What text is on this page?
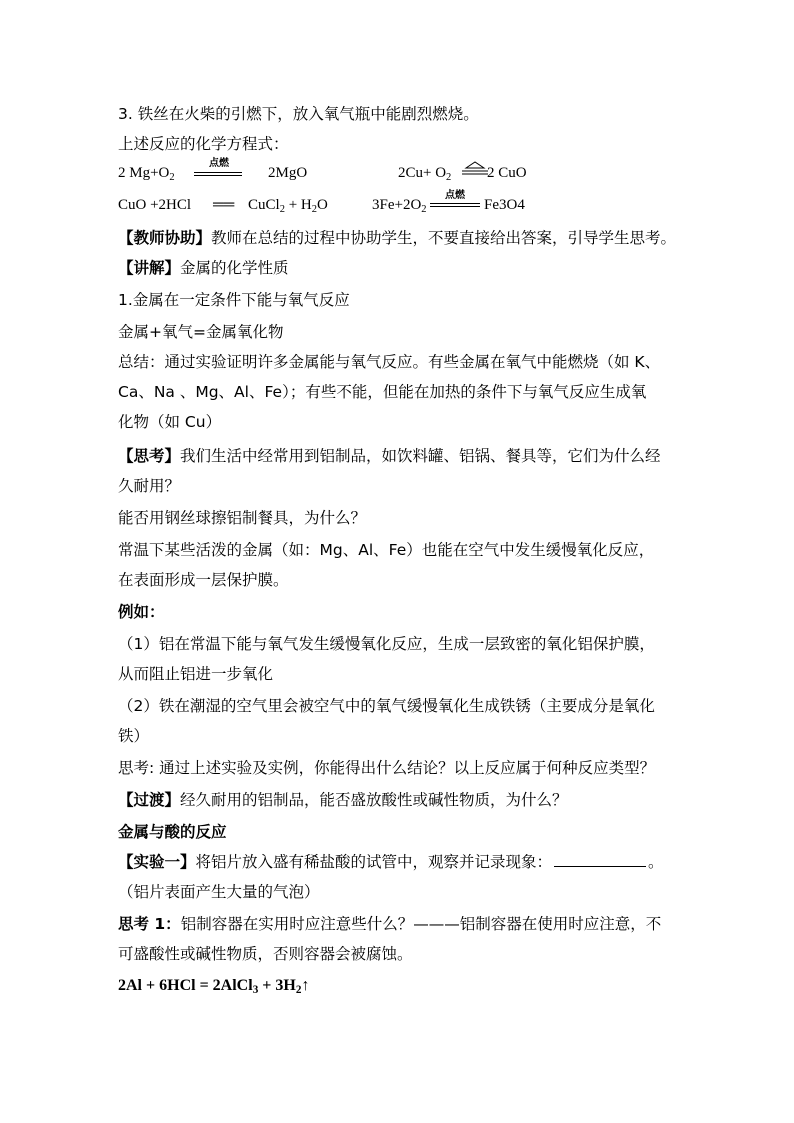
3. 铁丝在火柴的引燃下，放入氧气瓶中能剧烈燃烧。
上述反应的化学方程式：
2 $Mg+O_2$
点燃
2MgO	$2Cu+ O_2$ 2 CuO
CuO +2HCl ══ CuCl$_2$ + $H_2O$	$3Fe+2O_2$
点燃
Fe3O4
【教师协助】教师在总结的过程中协助学生，不要直接给出答案，引导学生思考。
【讲解】金属的化学性质
1.金属在一定条件下能与氧气反应
金属+氧气=金属氧化物
总结：通过实验证明许多金属能与氧气反应。有些金属在氧气中能燃烧（如 K、
Ca、Na 、Mg、Al、Fe）；有些不能，但能在加热的条件下与氧气反应生成氧
化物（如 Cu）
【思考】我们生活中经常用到铝制品，如饮料罐、铝锅、餐具等，它们为什么经
久耐用？
能否用钢丝球擦铝制餐具，为什么？
常温下某些活泼的金属（如：Mg、Al、Fe）也能在空气中发生缓慢氧化反应，
在表面形成一层保护膜。
例如：
（1）铝在常温下能与氧气发生缓慢氧化反应，生成一层致密的氧化铝保护膜，
从而阻止铝进一步氧化
（2）铁在潮湿的空气里会被空气中的氧气缓慢氧化生成铁锈（主要成分是氧化
铁）
思考: 通过上述实验及实例，你能得出什么结论？以上反应属于何种反应类型？
【过渡】经久耐用的铝制品，能否盛放酸性或碱性物质，为什么？
金属与酸的反应
【实验一】将铝片放入盛有稀盐酸的试管中，观察并记录现象：	。
（铝片表面产生大量的气泡）
思考 1：铝制容器在实用时应注意些什么？———铝制容器在使用时应注意，不
可盛酸性或碱性物质，否则容器会被腐蚀。
2Al + 6HCl = 2AlCl$_3$ + $3H_2↑$
